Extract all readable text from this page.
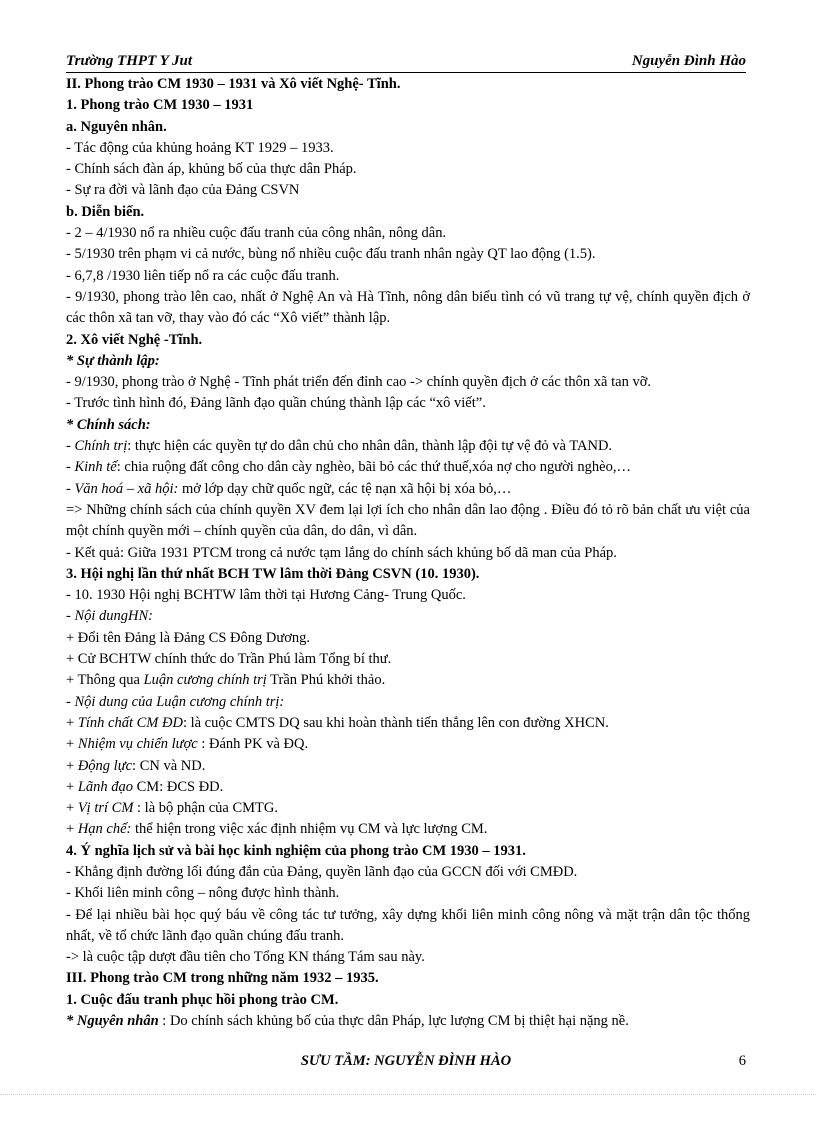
Trường THPT Y Jut	Nguyễn Đình Hào

II. Phong trào CM 1930 – 1931 và Xô viết Nghệ- Tĩnh.

1. Phong trào CM 1930 – 1931

a. Nguyên nhân.

- Tác động của khủng hoảng KT 1929 – 1933.

- Chính sách đàn áp, khủng bố của thực dân Pháp.

- Sự ra đời và lãnh đạo của Đảng CSVN

b. Diễn biến.

- 2 – 4/1930 nổ ra nhiều cuộc đấu tranh của công nhân, nông dân.

- 5/1930 trên phạm vi cả nước, bùng nổ nhiều cuộc đấu tranh nhân ngày QT lao động (1.5).

- 6,7,8 /1930 liên tiếp nổ ra các cuộc đấu tranh.

- 9/1930, phong trào lên cao, nhất ở Nghệ An và Hà Tĩnh, nông dân biểu tình có vũ trang tự vệ, chính quyền địch ở các thôn xã tan vỡ, thay vào đó các “Xô viết” thành lập.

2. Xô viết Nghệ -Tĩnh.

* Sự thành lập:

- 9/1930, phong trào ở Nghệ - Tĩnh phát triển đến đỉnh cao -> chính quyền địch ở các thôn xã tan vỡ.

- Trước tình hình đó, Đảng lãnh đạo quần chúng thành lập các “xô viết”.

* Chính sách:

- Chính trị: thực hiện các quyền tự do dân chủ cho nhân dân, thành lập đội tự vệ đỏ và TAND.

- Kinh tế: chia ruộng đất công cho dân cày nghèo, bãi bỏ các thứ thuế,xóa nợ cho người nghèo,…

- Văn hoá – xã hội: mở lớp dạy chữ quốc ngữ, các tệ nạn xã hội bị xóa bỏ,…

=> Những chính sách của chính quyền XV đem lại lợi ích cho nhân dân lao động . Điều đó tỏ rõ bản chất ưu việt của một chính quyền mới – chính quyền của dân, do dân, vì dân.

- Kết quả: Giữa 1931 PTCM trong cả nước tạm lắng do chính sách khủng bố dã man của Pháp.

3. Hội nghị lần thứ nhất BCH TW lâm thời Đảng CSVN (10. 1930).

- 10. 1930 Hội nghị BCHTW lâm thời tại Hương Cảng- Trung Quốc.

- Nội dungHN:

+ Đổi tên Đảng là Đảng CS Đông Dương.

+ Cử BCHTW chính thức do Trần Phú làm Tổng bí thư.

+ Thông qua Luận cương chính trị Trần Phú khởi thảo.

- Nội dung của Luận cương chính trị:

+ Tính chất CM ĐD: là cuộc CMTS DQ sau khi hoàn thành tiến thẳng lên con đường XHCN.

+ Nhiệm vụ chiến lược : Đánh PK và ĐQ.

+ Động lực: CN và ND.

+ Lãnh đạo CM: ĐCS ĐD.

+ Vị trí CM : là bộ phận của CMTG.

+ Hạn chế: thể hiện trong việc xác định nhiệm vụ CM và lực lượng CM.

4. Ý nghĩa lịch sử và bài học kinh nghiệm của phong trào CM 1930 – 1931.

- Khẳng định đường lối đúng đắn của Đảng, quyền lãnh đạo của GCCN đối với CMĐD.

- Khối liên minh công – nông được hình thành.

- Để lại nhiều bài học quý báu về công tác tư tưởng, xây dựng khối liên minh công nông và mặt trận dân tộc thống nhất, về tổ chức lãnh đạo quần chúng đấu tranh.

-> là cuộc tập dượt đầu tiên cho Tổng KN tháng Tám sau này.

III. Phong trào CM trong những năm 1932 – 1935.

1. Cuộc đấu tranh phục hồi phong trào CM.

* Nguyên nhân : Do chính sách khủng bố của thực dân Pháp, lực lượng CM bị thiệt hại nặng nề.

SƯU TẦM: NGUYỄN ĐÌNH HÀO	6
